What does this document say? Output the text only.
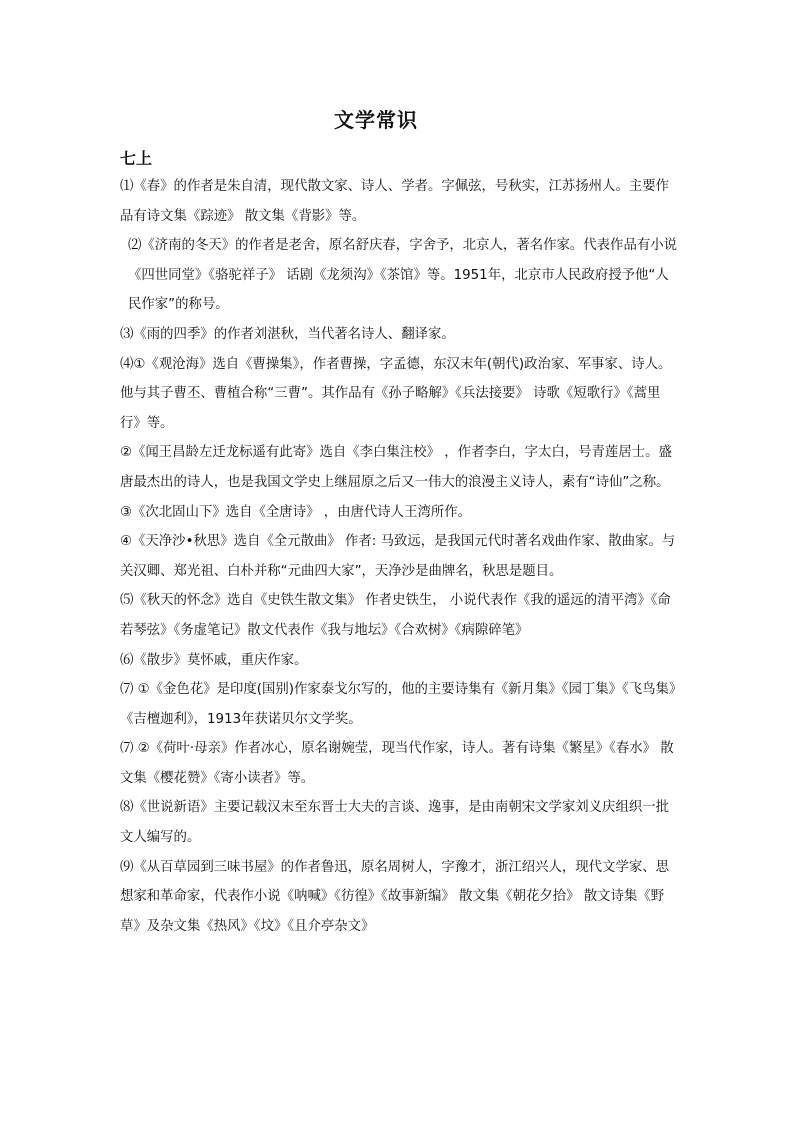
文学常识
七上

⑴《春》的作者是朱自清，现代散文家、诗人、学者。字佩弦，号秋实，江苏扬州人。主要作品有诗文集《踪迹》 散文集《背影》等。

⑵《济南的冬天》的作者是老舍，原名舒庆春，字舍予，北京人，著名作家。代表作品有小说《四世同堂》《骆驼祥子》 话剧《龙须沟》《茶馆》等。1951年，北京市人民政府授予他“人民作家”的称号。

⑶《雨的四季》的作者刘湛秋，当代著名诗人、翻译家。

⑷①《观沧海》选自《曹操集》，作者曹操，字孟德，东汉末年(朝代)政治家、军事家、诗人。他与其子曹丕、曹植合称“三曹”。其作品有《孙子略解》《兵法接要》 诗歌《短歌行》《蒿里行》等。

②《闻王昌龄左迁龙标遥有此寄》选自《李白集注校》 ，作者李白，字太白，号青莲居士。盛唐最杰出的诗人，也是我国文学史上继屈原之后又一伟大的浪漫主义诗人，素有“诗仙”之称。

③《次北固山下》选自《全唐诗》 ，由唐代诗人王湾所作。

④《天净沙•秋思》选自《全元散曲》 作者: 马致远，是我国元代时著名戏曲作家、散曲家。与关汉卿、郑光祖、白朴并称“元曲四大家”，天净沙是曲牌名，秋思是题目。

⑸《秋天的怀念》选自《史铁生散文集》 作者史铁生， 小说代表作《我的遥远的清平湾》《命若琴弦》《务虚笔记》散文代表作《我与地坛》《合欢树》《病隙碎笔》

⑹《散步》莫怀戚，重庆作家。

⑺ ①《金色花》是印度(国别)作家泰戈尔写的，他的主要诗集有《新月集》《园丁集》《飞鸟集》《吉檀迦利》，1913年获诺贝尔文学奖。

⑺ ②《荷叶·母亲》作者冰心，原名谢婉莹，现当代作家，诗人。著有诗集《繁星》《春水》 散文集《樱花赞》《寄小读者》等。

⑻《世说新语》主要记载汉末至东晋士大夫的言谈、逸事，是由南朝宋文学家刘义庆组织一批文人编写的。

⑼《从百草园到三味书屋》的作者鲁迅，原名周树人，字豫才，浙江绍兴人，现代文学家、思想家和革命家，代表作小说《呐喊》《彷徨》《故事新编》 散文集《朝花夕拾》 散文诗集《野草》及杂文集《热风》《坟》《且介亭杂文》
